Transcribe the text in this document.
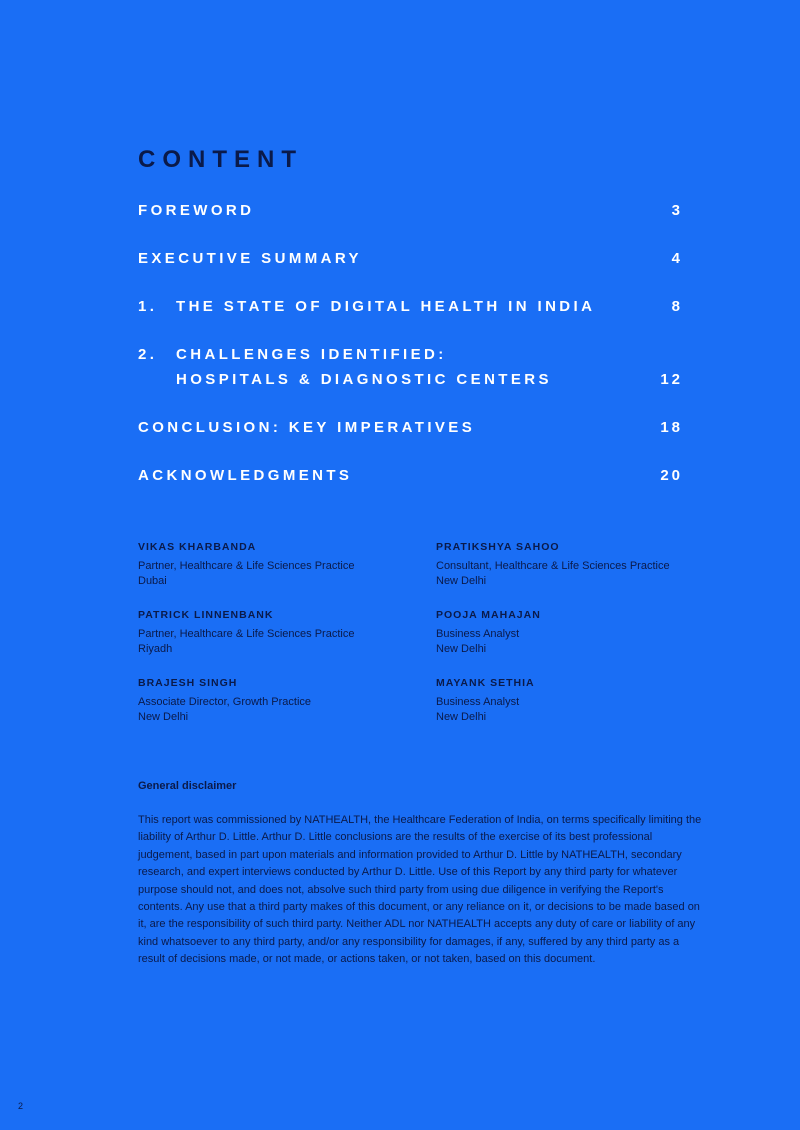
CONTENT
FOREWORD	3
EXECUTIVE SUMMARY	4
1.	THE STATE OF DIGITAL HEALTH IN INDIA	8
2.	CHALLENGES IDENTIFIED:
HOSPITALS & DIAGNOSTIC CENTERS	12
CONCLUSION: KEY IMPERATIVES	18
ACKNOWLEDGMENTS	20
VIKAS KHARBANDA
Partner, Healthcare & Life Sciences Practice
Dubai
PRATIKSHYA SAHOO
Consultant, Healthcare & Life Sciences Practice
New Delhi
PATRICK LINNENBANK
Partner, Healthcare & Life Sciences Practice
Riyadh
POOJA MAHAJAN
Business Analyst
New Delhi
BRAJESH SINGH
Associate Director, Growth Practice
New Delhi
MAYANK SETHIA
Business Analyst
New Delhi
General disclaimer

This report was commissioned by NATHEALTH, the Healthcare Federation of India, on terms specifically limiting the liability of Arthur D. Little. Arthur D. Little conclusions are the results of the exercise of its best professional judgement, based in part upon materials and information provided to Arthur D. Little by NATHEALTH, secondary research, and expert interviews conducted by Arthur D. Little. Use of this Report by any third party for whatever purpose should not, and does not, absolve such third party from using due diligence in verifying the Report's contents. Any use that a third party makes of this document, or any reliance on it, or decisions to be made based on it, are the responsibility of such third party. Neither ADL nor NATHEALTH accepts any duty of care or liability of any kind whatsoever to any third party, and/or any responsibility for damages, if any, suffered by any third party as a result of decisions made, or not made, or actions taken, or not taken, based on this document.

2
